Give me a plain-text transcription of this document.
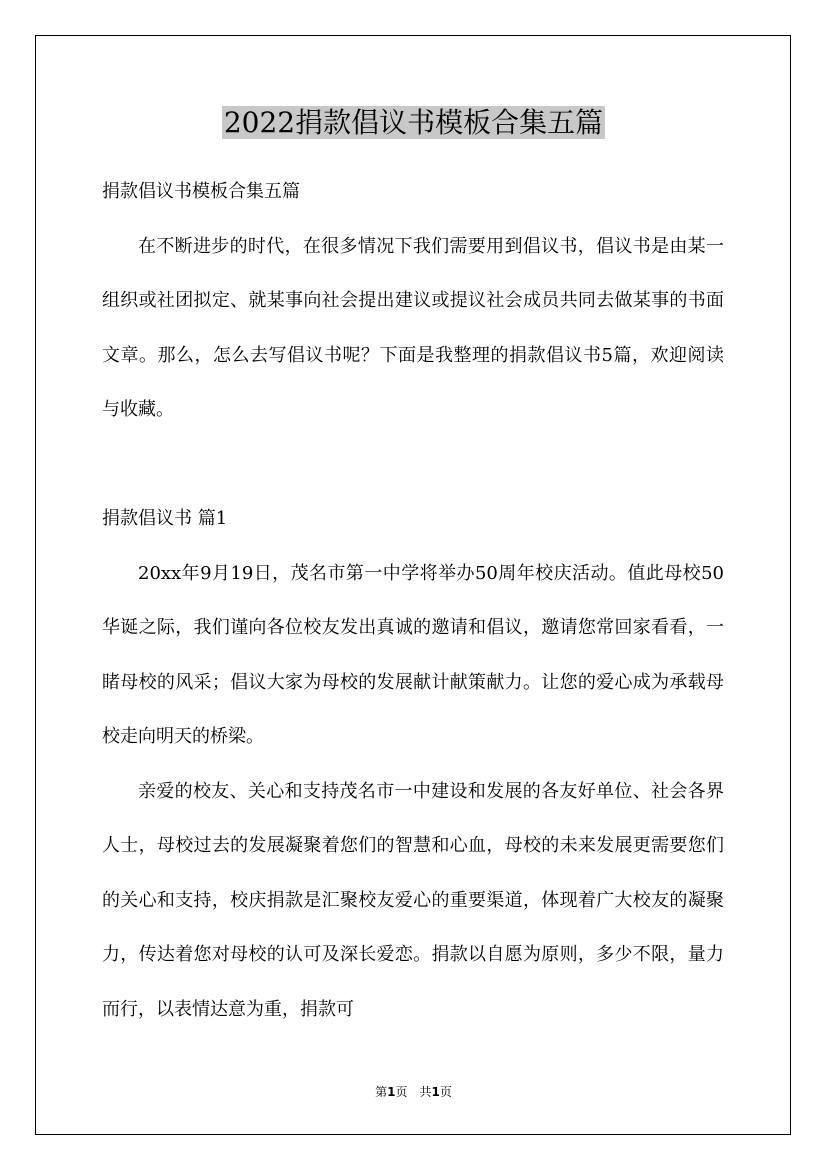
2022捐款倡议书模板合集五篇
捐款倡议书模板合集五篇

在不断进步的时代，在很多情况下我们需要用到倡议书，倡议书是由某一组织或社团拟定、就某事向社会提出建议或提议社会成员共同去做某事的书面文章。那么，怎么去写倡议书呢？下面是我整理的捐款倡议书5篇，欢迎阅读与收藏。

捐款倡议书 篇1

20xx年9月19日，茂名市第一中学将举办50周年校庆活动。值此母校50华诞之际，我们谨向各位校友发出真诚的邀请和倡议，邀请您常回家看看，一睹母校的风采；倡议大家为母校的发展献计献策献力。让您的爱心成为承载母校走向明天的桥梁。

亲爱的校友、关心和支持茂名市一中建设和发展的各友好单位、社会各界人士，母校过去的发展凝聚着您们的智慧和心血，母校的未来发展更需要您们的关心和支持，校庆捐款是汇聚校友爱心的重要渠道，体现着广大校友的凝聚力，传达着您对母校的认可及深长爱恋。捐款以自愿为原则，多少不限，量力而行，以表情达意为重，捐款可

第1页　共1页
